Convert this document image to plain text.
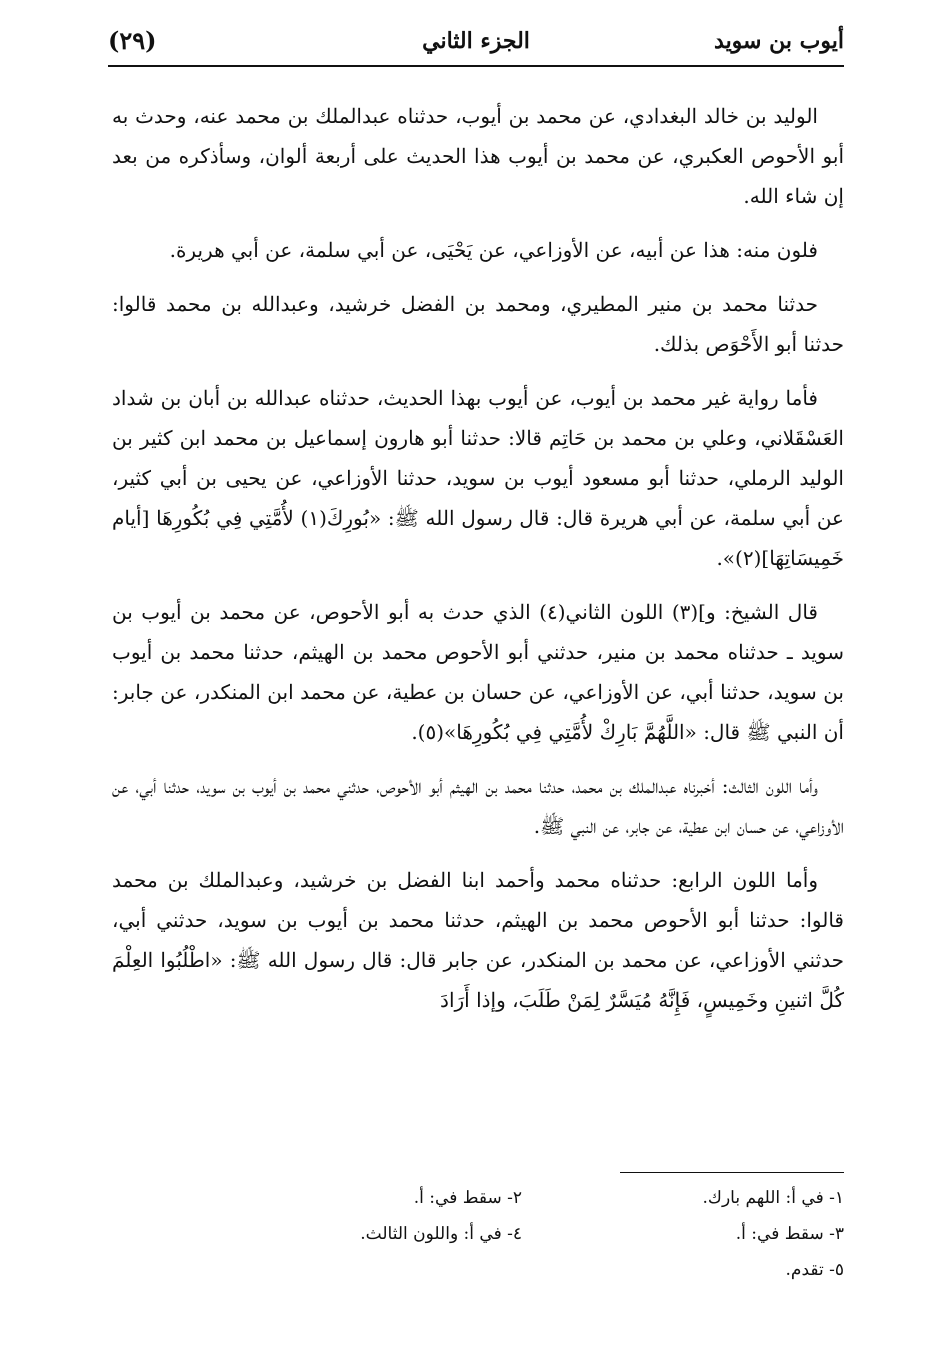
أيوب بن سويد
الجزء الثاني
(٢٩)

الوليد بن خالد البغدادي، عن محمد بن أيوب، حدثناه عبدالملك بن محمد عنه، وحدث به أبو الأحوص العكبري، عن محمد بن أيوب هذا الحديث على أربعة ألوان، وسأذكره من بعد إن شاء الله.

فلون منه: هذا عن أبيه، عن الأوزاعي، عن يَحْيَى، عن أبي سلمة، عن أبي هريرة.

حدثنا محمد بن منير المطيري، ومحمد بن الفضل خرشيد، وعبدالله بن محمد قالوا: حدثنا أبو الأَحْوَص بذلك.

فأما رواية غير محمد بن أيوب، عن أيوب بهذا الحديث، حدثناه عبدالله بن أبان بن شداد العَسْقَلاني، وعلي بن محمد بن حَاتِم قالا: حدثنا أبو هارون إسماعيل بن محمد ابن كثير بن الوليد الرملي، حدثنا أبو مسعود أيوب بن سويد، حدثنا الأوزاعي، عن يحيى بن أبي كثير، عن أبي سلمة، عن أبي هريرة قال: قال رسول الله ﷺ: «بُورِكَ(١) لأُمَّتِي فِي بُكُورِهَا [أيام خَمِيسَاتِهَا](٢)».

قال الشيخ: و](٣) اللون الثاني(٤) الذي حدث به أبو الأحوص، عن محمد بن أيوب بن سويد ـ حدثناه محمد بن منير، حدثني أبو الأحوص محمد بن الهيثم، حدثنا محمد بن أيوب بن سويد، حدثنا أبي، عن الأوزاعي، عن حسان بن عطية، عن محمد ابن المنكدر، عن جابر: أن النبي ﷺ قال: «اللَّهُمَّ بَارِكْ لأُمَّتِي فِي بُكُورِهَا»(٥).

وأما اللون الثالث: أخبرناه عبدالملك بن محمد، حدثنا محمد بن الهيثم أبو الأحوص، حدثني محمد بن أيوب بن سويد، حدثنا أبي، عن الأوزاعي، عن حسان ابن عطية، عن جابر، عن النبي ﷺ.

وأما اللون الرابع: حدثناه محمد وأحمد ابنا الفضل بن خرشيد، وعبدالملك بن محمد قالوا: حدثنا أبو الأحوص محمد بن الهيثم، حدثنا محمد بن أيوب بن سويد، حدثني أبي، حدثني الأوزاعي، عن محمد بن المنكدر، عن جابر قال: قال رسول الله ﷺ: «اطْلُبُوا العِلْمَ كُلَّ اثنينِ وخَمِيسٍ، فَإِنَّهُ مُيَسَّرٌ لِمَنْ طَلَبَ، وإذا أَرَادَ

١- في أ: اللهم بارك.
٢- سقط في: أ.
٣- سقط في: أ.
٤- في أ: واللون الثالث.
٥- تقدم.
